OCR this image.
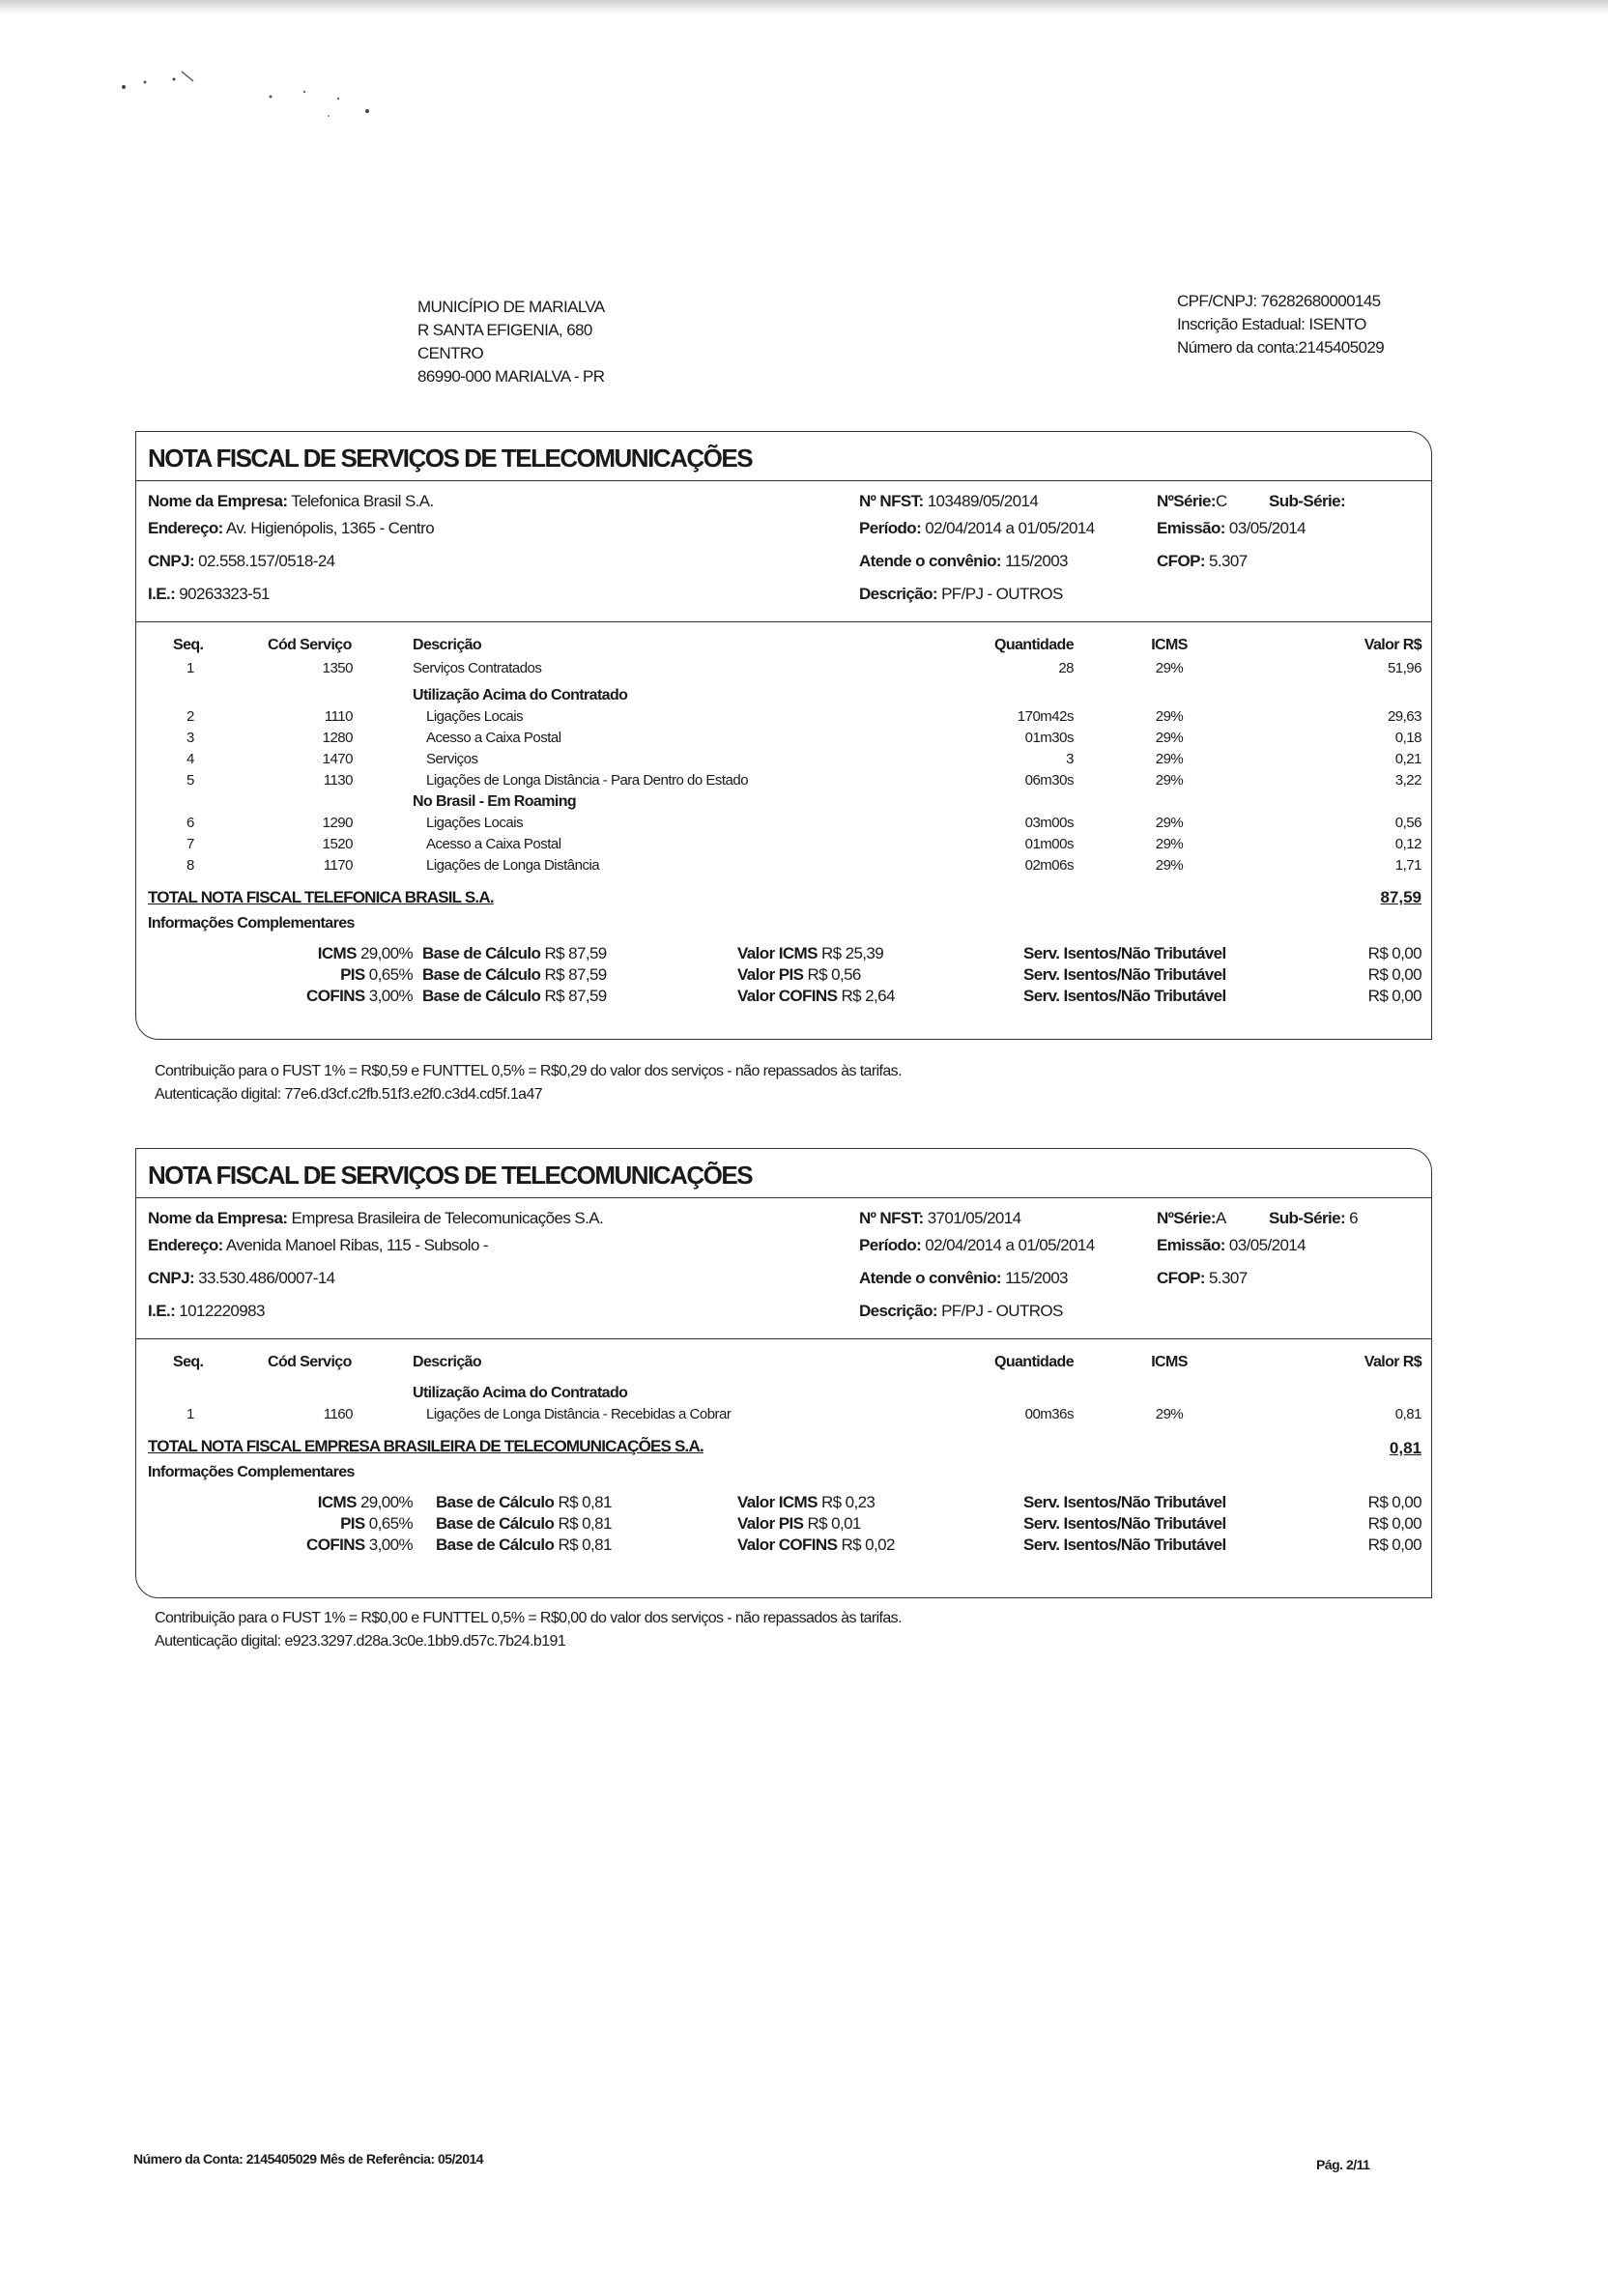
MUNICÍPIO DE MARIALVA
R SANTA EFIGENIA, 680
CENTRO
86990-000 MARIALVA - PR
CPF/CNPJ: 76282680000145
Inscrição Estadual: ISENTO
Número da conta:2145405029
NOTA FISCAL DE SERVIÇOS DE TELECOMUNICAÇÕES
Nome da Empresa: Telefonica Brasil S.A.
Endereço: Av. Higienópolis, 1365 - Centro
CNPJ: 02.558.157/0518-24
I.E.: 90263323-51
Nº NFST: 103489/05/2014
Período: 02/04/2014 a 01/05/2014
Atende o convênio: 115/2003
Descrição: PF/PJ - OUTROS
NºSérie:C	Sub-Série:
Emissão: 03/05/2014
CFOP: 5.307
Seq.	Cód Serviço	Descrição	Quantidade	ICMS	Valor R$
1	1350	Serviços Contratados	28	29%	51,96
Utilização Acima do Contratado
2	1110	Ligações Locais	170m42s	29%	29,63
3	1280	Acesso a Caixa Postal	01m30s	29%	0,18
4	1470	Serviços	3	29%	0,21
5	1130	Ligações de Longa Distância - Para Dentro do Estado	06m30s	29%	3,22
No Brasil - Em Roaming
6	1290	Ligações Locais	03m00s	29%	0,56
7	1520	Acesso a Caixa Postal	01m00s	29%	0,12
8	1170	Ligações de Longa Distância	02m06s	29%	1,71
TOTAL NOTA FISCAL TELEFONICA BRASIL S.A.	87,59
Informações Complementares
ICMS 29,00% Base de Cálculo R$ 87,59	Valor ICMS R$ 25,39	Serv. Isentos/Não Tributável	R$ 0,00
PIS 0,65% Base de Cálculo R$ 87,59	Valor PIS R$ 0,56	Serv. Isentos/Não Tributável	R$ 0,00
COFINS 3,00% Base de Cálculo R$ 87,59	Valor COFINS R$ 2,64	Serv. Isentos/Não Tributável	R$ 0,00
Contribuição para o FUST 1% = R$0,59 e FUNTTEL 0,5% = R$0,29 do valor dos serviços - não repassados às tarifas.
Autenticação digital: 77e6.d3cf.c2fb.51f3.e2f0.c3d4.cd5f.1a47
NOTA FISCAL DE SERVIÇOS DE TELECOMUNICAÇÕES
Nome da Empresa: Empresa Brasileira de Telecomunicações S.A.
Endereço: Avenida Manoel Ribas, 115 - Subsolo -
CNPJ: 33.530.486/0007-14
I.E.: 1012220983
Nº NFST: 3701/05/2014
Período: 02/04/2014 a 01/05/2014
Atende o convênio: 115/2003
Descrição: PF/PJ - OUTROS
NºSérie:A	Sub-Série: 6
Emissão: 03/05/2014
CFOP: 5.307
Seq.	Cód Serviço	Descrição	Quantidade	ICMS	Valor R$
Utilização Acima do Contratado
1	1160	Ligações de Longa Distância - Recebidas a Cobrar	00m36s	29%	0,81
TOTAL NOTA FISCAL EMPRESA BRASILEIRA DE TELECOMUNICAÇÕES S.A.	0,81
Informações Complementares
ICMS 29,00% Base de Cálculo R$ 0,81	Valor ICMS R$ 0,23	Serv. Isentos/Não Tributável	R$ 0,00
PIS 0,65% Base de Cálculo R$ 0,81	Valor PIS R$ 0,01	Serv. Isentos/Não Tributável	R$ 0,00
COFINS 3,00% Base de Cálculo R$ 0,81	Valor COFINS R$ 0,02	Serv. Isentos/Não Tributável	R$ 0,00
Contribuição para o FUST 1% = R$0,00 e FUNTTEL 0,5% = R$0,00 do valor dos serviços - não repassados às tarifas.
Autenticação digital: e923.3297.d28a.3c0e.1bb9.d57c.7b24.b191
Número da Conta: 2145405029 Mês de Referência: 05/2014	Pág. 2/11
